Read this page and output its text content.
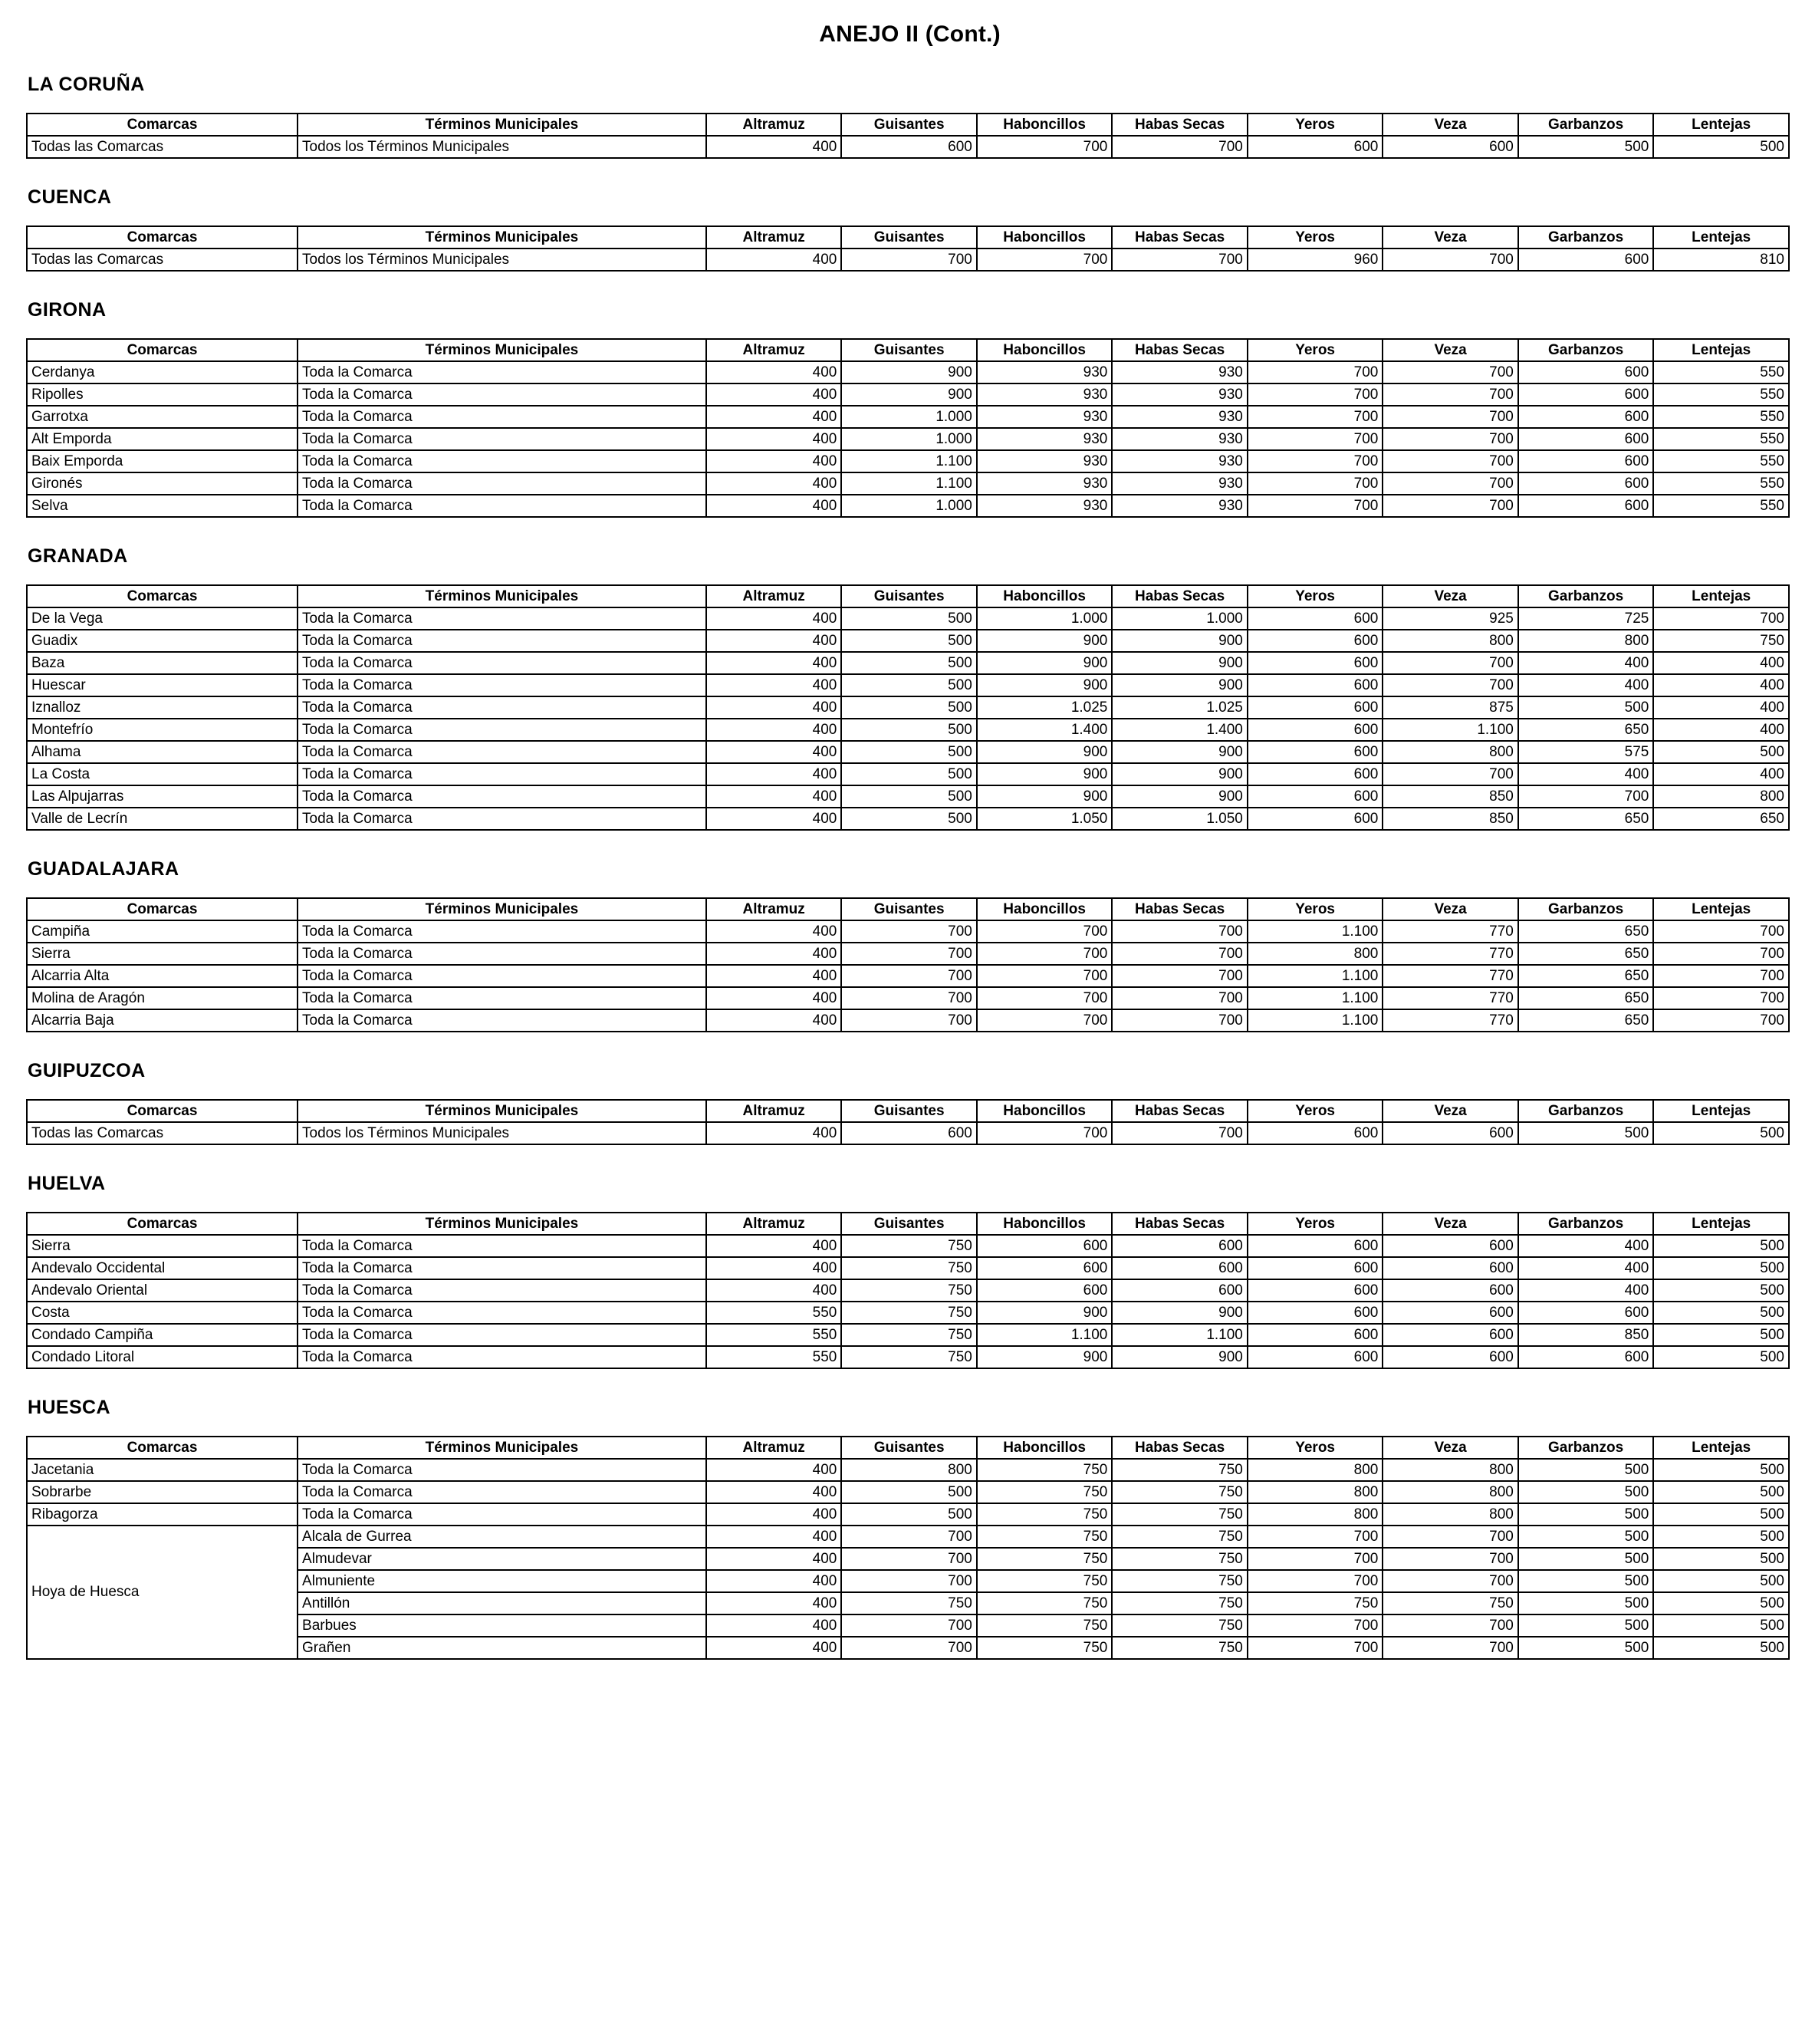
ANEJO II (Cont.)
LA CORUÑA
Comarcas	Términos Municipales	Altramuz	Guisantes	Haboncillos	Habas Secas	Yeros	Veza	Garbanzos	Lentejas
Todas las Comarcas	Todos los Términos Municipales	400	600	700	700	600	600	500	500
CUENCA
Comarcas	Términos Municipales	Altramuz	Guisantes	Haboncillos	Habas Secas	Yeros	Veza	Garbanzos	Lentejas
Todas las Comarcas	Todos los Términos Municipales	400	700	700	700	960	700	600	810
GIRONA
Comarcas	Términos Municipales	Altramuz	Guisantes	Haboncillos	Habas Secas	Yeros	Veza	Garbanzos	Lentejas
Cerdanya	Toda la Comarca	400	900	930	930	700	700	600	550
Ripolles	Toda la Comarca	400	900	930	930	700	700	600	550
Garrotxa	Toda la Comarca	400	1.000	930	930	700	700	600	550
Alt Emporda	Toda la Comarca	400	1.000	930	930	700	700	600	550
Baix Emporda	Toda la Comarca	400	1.100	930	930	700	700	600	550
Gironés	Toda la Comarca	400	1.100	930	930	700	700	600	550
Selva	Toda la Comarca	400	1.000	930	930	700	700	600	550
GRANADA
Comarcas	Términos Municipales	Altramuz	Guisantes	Haboncillos	Habas Secas	Yeros	Veza	Garbanzos	Lentejas
De la Vega	Toda la Comarca	400	500	1.000	1.000	600	925	725	700
Guadix	Toda la Comarca	400	500	900	900	600	800	800	750
Baza	Toda la Comarca	400	500	900	900	600	700	400	400
Huescar	Toda la Comarca	400	500	900	900	600	700	400	400
Iznalloz	Toda la Comarca	400	500	1.025	1.025	600	875	500	400
Montefrío	Toda la Comarca	400	500	1.400	1.400	600	1.100	650	400
Alhama	Toda la Comarca	400	500	900	900	600	800	575	500
La Costa	Toda la Comarca	400	500	900	900	600	700	400	400
Las Alpujarras	Toda la Comarca	400	500	900	900	600	850	700	800
Valle de Lecrín	Toda la Comarca	400	500	1.050	1.050	600	850	650	650
GUADALAJARA
Comarcas	Términos Municipales	Altramuz	Guisantes	Haboncillos	Habas Secas	Yeros	Veza	Garbanzos	Lentejas
Campiña	Toda la Comarca	400	700	700	700	1.100	770	650	700
Sierra	Toda la Comarca	400	700	700	700	800	770	650	700
Alcarria Alta	Toda la Comarca	400	700	700	700	1.100	770	650	700
Molina de Aragón	Toda la Comarca	400	700	700	700	1.100	770	650	700
Alcarria Baja	Toda la Comarca	400	700	700	700	1.100	770	650	700
GUIPUZCOA
Comarcas	Términos Municipales	Altramuz	Guisantes	Haboncillos	Habas Secas	Yeros	Veza	Garbanzos	Lentejas
Todas las Comarcas	Todos los Términos Municipales	400	600	700	700	600	600	500	500
HUELVA
Comarcas	Términos Municipales	Altramuz	Guisantes	Haboncillos	Habas Secas	Yeros	Veza	Garbanzos	Lentejas
Sierra	Toda la Comarca	400	750	600	600	600	600	400	500
Andevalo Occidental	Toda la Comarca	400	750	600	600	600	600	400	500
Andevalo Oriental	Toda la Comarca	400	750	600	600	600	600	400	500
Costa	Toda la Comarca	550	750	900	900	600	600	600	500
Condado Campiña	Toda la Comarca	550	750	1.100	1.100	600	600	850	500
Condado Litoral	Toda la Comarca	550	750	900	900	600	600	600	500
HUESCA
Comarcas	Términos Municipales	Altramuz	Guisantes	Haboncillos	Habas Secas	Yeros	Veza	Garbanzos	Lentejas
Jacetania	Toda la Comarca	400	800	750	750	800	800	500	500
Sobrarbe	Toda la Comarca	400	500	750	750	800	800	500	500
Ribagorza	Toda la Comarca	400	500	750	750	800	800	500	500
Hoya de Huesca	Alcala de Gurrea	400	700	750	750	700	700	500	500
	Almudevar	400	700	750	750	700	700	500	500
	Almuniente	400	700	750	750	700	700	500	500
	Antillón	400	750	750	750	750	750	500	500
	Barbues	400	700	750	750	700	700	500	500
	Grañen	400	700	750	750	700	700	500	500
